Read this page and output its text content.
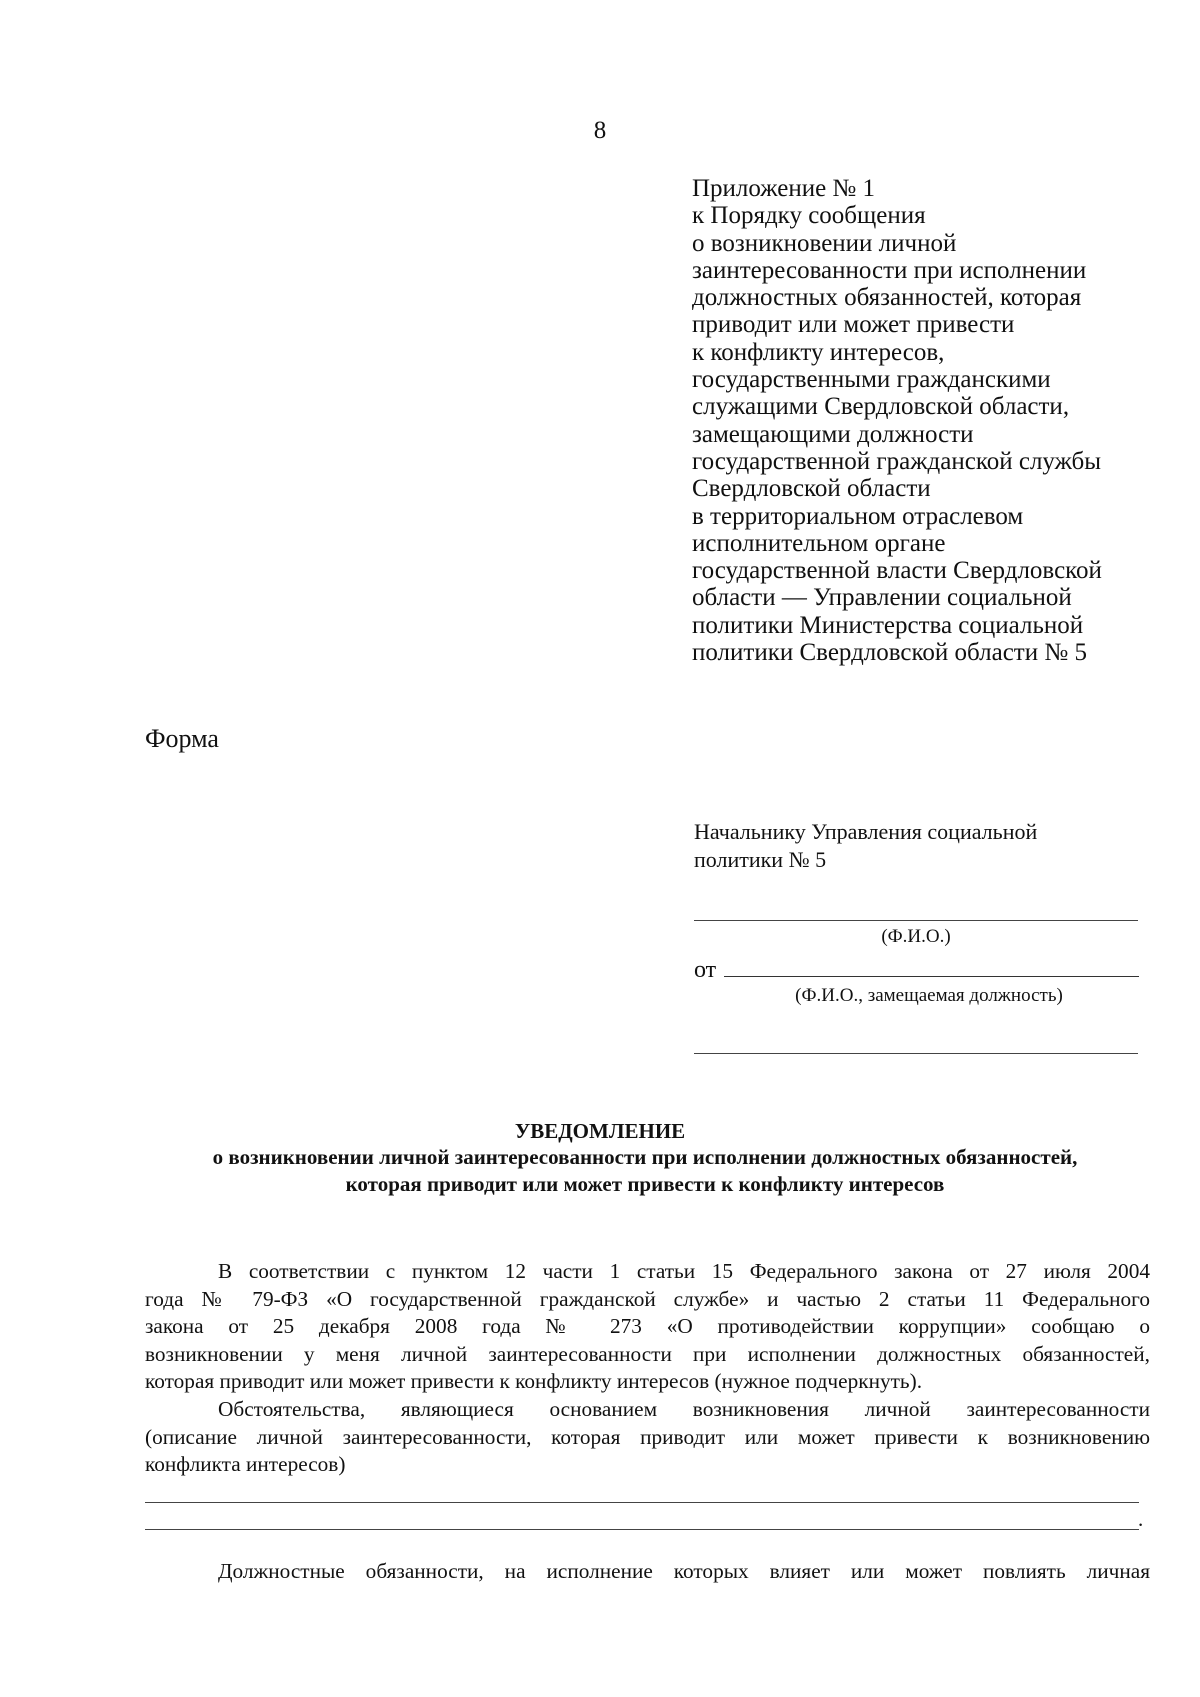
8
Приложение № 1
к Порядку сообщения
о возникновении личной
заинтересованности при исполнении
должностных обязанностей, которая
приводит или может привести
к конфликту интересов,
государственными гражданскими
служащими Свердловской области,
замещающими должности
государственной гражданской службы
Свердловской области
в территориальном отраслевом
исполнительном органе
государственной власти Свердловской
области — Управлении социальной
политики Министерства социальной
политики Свердловской области № 5
Форма
Начальнику Управления социальной
политики № 5
(Ф.И.О.)
от
(Ф.И.О., замещаемая должность)
УВЕДОМЛЕНИЕ
о возникновении личной заинтересованности при исполнении должностных обязанностей,
которая приводит или может привести к конфликту интересов
В соответствии с пунктом 12 части 1 статьи 15 Федерального закона от 27 июля 2004
года № 79-ФЗ «О государственной гражданской службе» и частью 2 статьи 11 Федерального
закона от 25 декабря 2008 года № 273 «О противодействии коррупции» сообщаю о
возникновении у меня личной заинтересованности при исполнении должностных обязанностей,
которая приводит или может привести к конфликту интересов (нужное подчеркнуть).
Обстоятельства, являющиеся основанием возникновения личной заинтересованности
(описание личной заинтересованности, которая приводит или может привести к возникновению
конфликта интересов)
.
Должностные обязанности, на исполнение которых влияет или может повлиять личная
